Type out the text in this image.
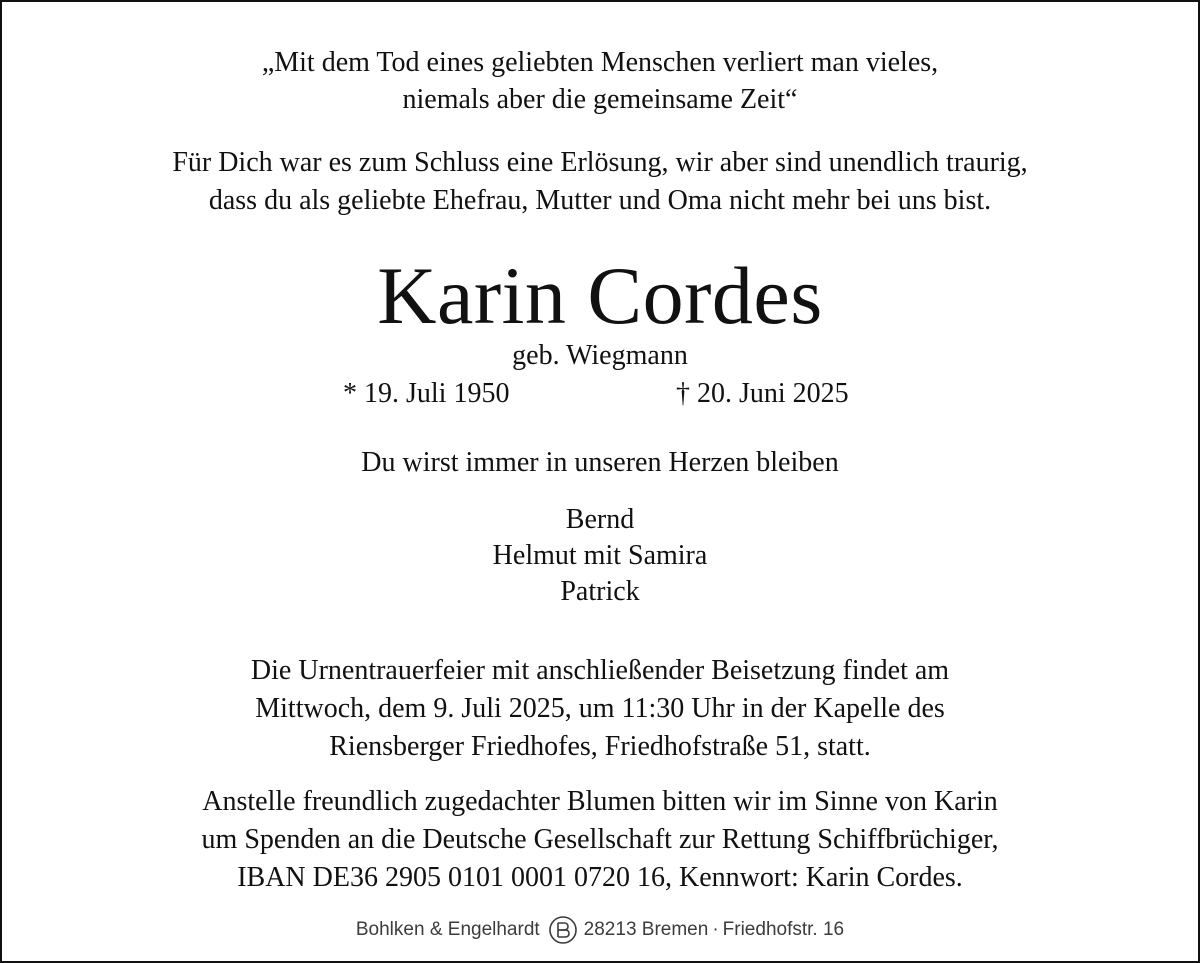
„Mit dem Tod eines geliebten Menschen verliert man vieles,
niemals aber die gemeinsame Zeit“
Für Dich war es zum Schluss eine Erlösung, wir aber sind unendlich traurig,
dass du als geliebte Ehefrau, Mutter und Oma nicht mehr bei uns bist.
Karin Cordes
geb. Wiegmann
* 19. Juli 1950	† 20. Juni 2025
Du wirst immer in unseren Herzen bleiben
Bernd
Helmut mit Samira
Patrick
Die Urnentrauerfeier mit anschließender Beisetzung findet am
Mittwoch, dem 9. Juli 2025, um 11:30 Uhr in der Kapelle des
Riensberger Friedhofes, Friedhofstraße 51, statt.
Anstelle freundlich zugedachter Blumen bitten wir im Sinne von Karin
um Spenden an die Deutsche Gesellschaft zur Rettung Schiffbrüchiger,
IBAN DE36 2905 0101 0001 0720 16, Kennwort: Karin Cordes.
Bohlken & Engelhardt 28213 Bremen · Friedhofstr. 16
